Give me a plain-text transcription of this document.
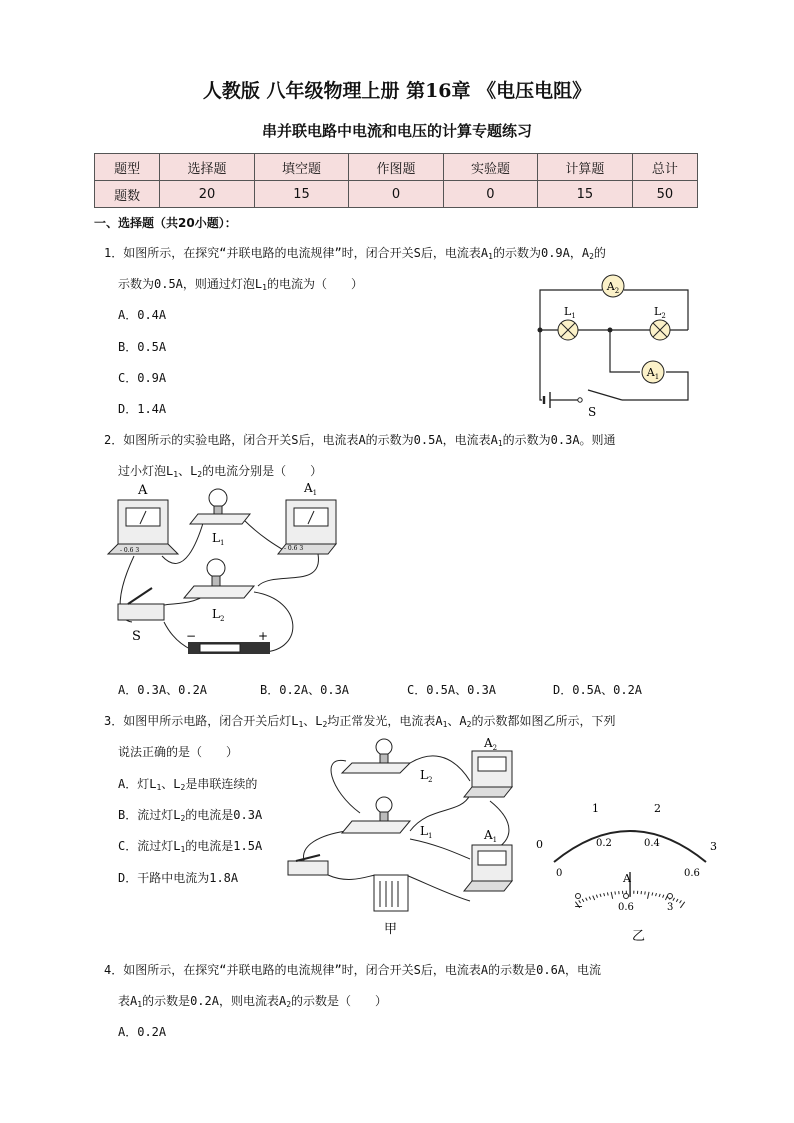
人教版 八年级物理上册 第16章 《电压电阻》
串并联电路中电流和电压的计算专题练习
题型	选择题	填空题	作图题	实验题	计算题	总计
题数	20	15	0	0	15	50
一、选择题（共20小题）：
1．如图所示，在探究“并联电路的电流规律”时，闭合开关S后，电流表$A_1$的示数为0.9A，$A_2$的
示数为0.5A，则通过灯泡$L_1$的电流为（　　）
A．0.4A
B．0.5A
C．0.9A
D．1.4A
$A_2$
$L_1$	$L_2$
$A_1$
S
2．如图所示的实验电路，闭合开关S后，电流表A的示数为0.5A，电流表$A_1$的示数为0.3A。则通
过小灯泡$L_1$、$L_2$的电流分别是（　　）
A
- 0.6 3
$A_1$
- 0.6 3
$L_1$
$L_2$
S	−	+
A．0.3A、0.2A	B．0.2A、0.3A	C．0.5A、0.3A	D．0.5A、0.2A
3．如图甲所示电路，闭合开关后灯$L_1$、$L_2$均正常发光，电流表$A_1$、$A_2$的示数都如图乙所示，下列
说法正确的是（　　）
A．灯$L_1$、$L_2$是串联连续的
B．流过灯$L_2$的电流是0.3A
C．流过灯$L_1$的电流是1.5A
D．干路中电流为1.8A
$L_2$
$L_1$
$A_2$
$A_1$
甲
0
1	2
3
0
0.2	0.4
0.6
A
−	0.6	3
乙
4．如图所示，在探究“并联电路的电流规律”时，闭合开关S后，电流表A的示数是0.6A，电流
表$A_1$的示数是0.2A，则电流表$A_2$的示数是（　　）
A．0.2A
